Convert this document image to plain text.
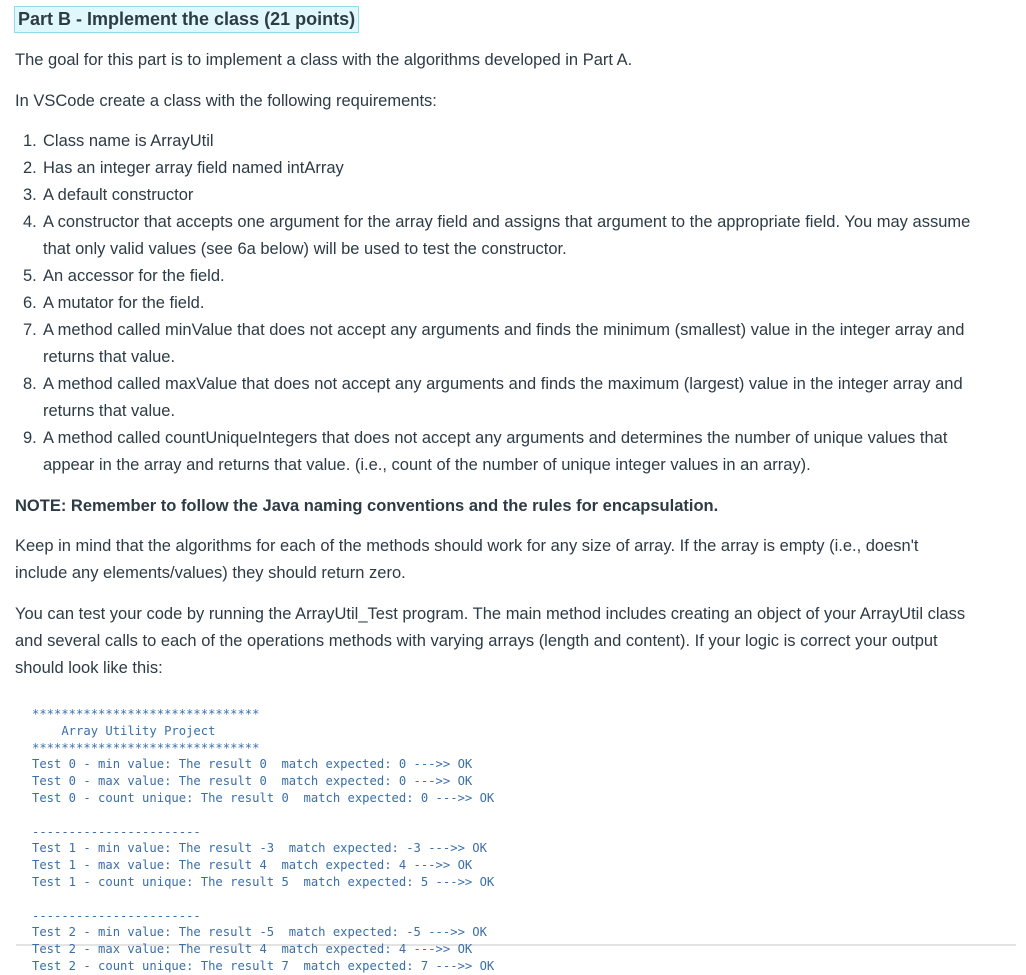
Part B - Implement the class (21 points)

The goal for this part is to implement a class with the algorithms developed in Part A.

In VSCode create a class with the following requirements:

1. Class name is ArrayUtil
2. Has an integer array field named intArray
3. A default constructor
4. A constructor that accepts one argument for the array field and assigns that argument to the appropriate field. You may assume that only valid values (see 6a below) will be used to test the constructor.
5. An accessor for the field.
6. A mutator for the field.
7. A method called minValue that does not accept any arguments and finds the minimum (smallest) value in the integer array and returns that value.
8. A method called maxValue that does not accept any arguments and finds the maximum (largest) value in the integer array and returns that value.
9. A method called countUniqueIntegers that does not accept any arguments and determines the number of unique values that appear in the array and returns that value. (i.e., count of the number of unique integer values in an array).

NOTE: Remember to follow the Java naming conventions and the rules for encapsulation.

Keep in mind that the algorithms for each of the methods should work for any size of array. If the array is empty (i.e., doesn't include any elements/values) they should return zero.

You can test your code by running the ArrayUtil_Test program. The main method includes creating an object of your ArrayUtil class and several calls to each of the operations methods with varying arrays (length and content). If your logic is correct your output should look like this:

*******************************
Array Utility Project
*******************************
Test 0 - min value: The result 0  match expected: 0 --->> OK
Test 0 - max value: The result 0  match expected: 0 --->> OK
Test 0 - count unique: The result 0  match expected: 0 --->> OK

-----------------------
Test 1 - min value: The result -3  match expected: -3 --->> OK
Test 1 - max value: The result 4  match expected: 4 --->> OK
Test 1 - count unique: The result 5  match expected: 5 --->> OK

-----------------------
Test 2 - min value: The result -5  match expected: -5 --->> OK
Test 2 - max value: The result 4  match expected: 4 --->> OK
Test 2 - count unique: The result 7  match expected: 7 --->> OK
